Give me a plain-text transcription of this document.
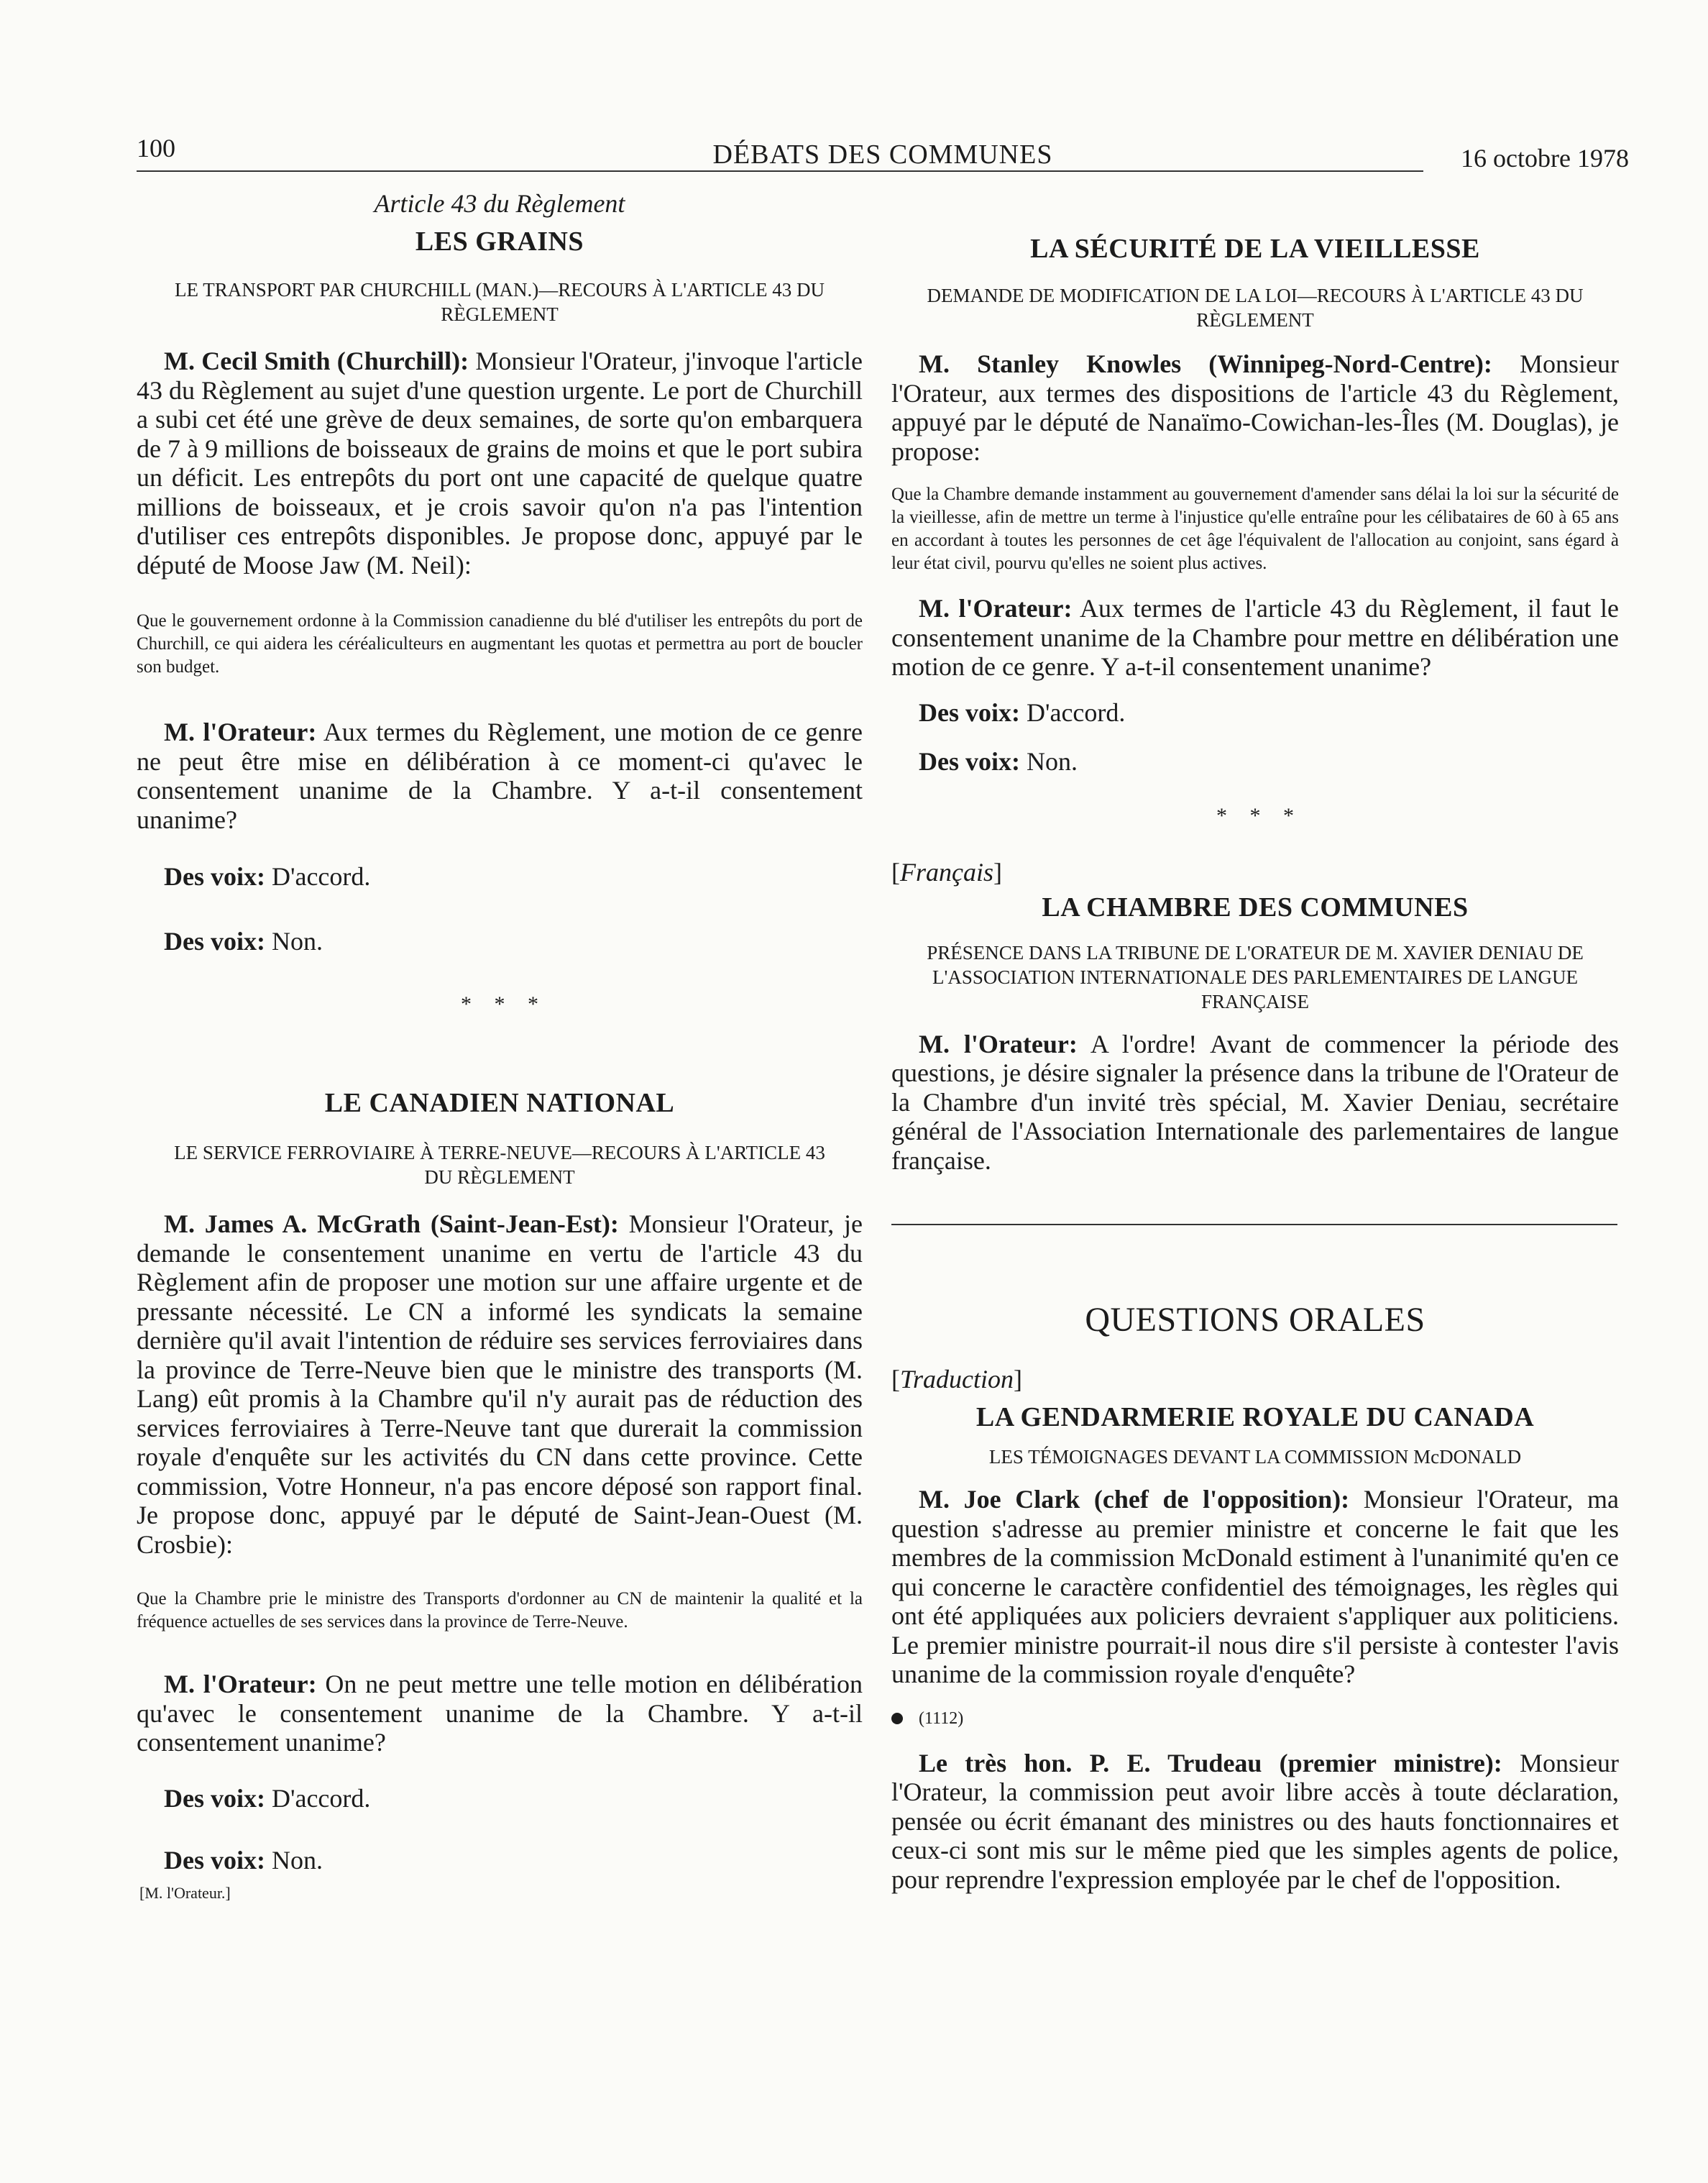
100	DÉBATS DES COMMUNES	16 octobre 1978
Article 43 du Règlement
LES GRAINS
LE TRANSPORT PAR CHURCHILL (MAN.)—RECOURS À L'ARTICLE 43 DU RÈGLEMENT

M. Cecil Smith (Churchill): Monsieur l'Orateur, j'invoque l'article 43 du Règlement au sujet d'une question urgente. Le port de Churchill a subi cet été une grève de deux semaines, de sorte qu'on embarquera de 7 à 9 millions de boisseaux de grains de moins et que le port subira un déficit. Les entrepôts du port ont une capacité de quelque quatre millions de boisseaux, et je crois savoir qu'on n'a pas l'intention d'utiliser ces entrepôts disponibles. Je propose donc, appuyé par le député de Moose Jaw (M. Neil):

Que le gouvernement ordonne à la Commission canadienne du blé d'utiliser les entrepôts du port de Churchill, ce qui aidera les céréaliculteurs en augmentant les quotas et permettra au port de boucler son budget.

M. l'Orateur: Aux termes du Règlement, une motion de ce genre ne peut être mise en délibération à ce moment-ci qu'avec le consentement unanime de la Chambre. Y a-t-il consentement unanime?

Des voix: D'accord.

Des voix: Non.

* * *
LE CANADIEN NATIONAL
LE SERVICE FERROVIAIRE À TERRE-NEUVE—RECOURS À L'ARTICLE 43 DU RÈGLEMENT

M. James A. McGrath (Saint-Jean-Est): Monsieur l'Orateur, je demande le consentement unanime en vertu de l'article 43 du Règlement afin de proposer une motion sur une affaire urgente et de pressante nécessité. Le CN a informé les syndicats la semaine dernière qu'il avait l'intention de réduire ses services ferroviaires dans la province de Terre-Neuve bien que le ministre des transports (M. Lang) eût promis à la Chambre qu'il n'y aurait pas de réduction des services ferroviaires à Terre-Neuve tant que durerait la commission royale d'enquête sur les activités du CN dans cette province. Cette commission, Votre Honneur, n'a pas encore déposé son rapport final. Je propose donc, appuyé par le député de Saint-Jean-Ouest (M. Crosbie):

Que la Chambre prie le ministre des Transports d'ordonner au CN de maintenir la qualité et la fréquence actuelles de ses services dans la province de Terre-Neuve.

M. l'Orateur: On ne peut mettre une telle motion en délibération qu'avec le consentement unanime de la Chambre. Y a-t-il consentement unanime?

Des voix: D'accord.

Des voix: Non.

[M. l'Orateur.]

LA SÉCURITÉ DE LA VIEILLESSE
DEMANDE DE MODIFICATION DE LA LOI—RECOURS À L'ARTICLE 43 DU RÈGLEMENT

M. Stanley Knowles (Winnipeg-Nord-Centre): Monsieur l'Orateur, aux termes des dispositions de l'article 43 du Règlement, appuyé par le député de Nanaïmo-Cowichan-les-Îles (M. Douglas), je propose:

Que la Chambre demande instamment au gouvernement d'amender sans délai la loi sur la sécurité de la vieillesse, afin de mettre un terme à l'injustice qu'elle entraîne pour les célibataires de 60 à 65 ans en accordant à toutes les personnes de cet âge l'équivalent de l'allocation au conjoint, sans égard à leur état civil, pourvu qu'elles ne soient plus actives.

M. l'Orateur: Aux termes de l'article 43 du Règlement, il faut le consentement unanime de la Chambre pour mettre en délibération une motion de ce genre. Y a-t-il consentement unanime?

Des voix: D'accord.

Des voix: Non.

* * *

[Français]

LA CHAMBRE DES COMMUNES
PRÉSENCE DANS LA TRIBUNE DE L'ORATEUR DE M. XAVIER DENIAU DE L'ASSOCIATION INTERNATIONALE DES PARLEMENTAIRES DE LANGUE FRANÇAISE

M. l'Orateur: A l'ordre! Avant de commencer la période des questions, je désire signaler la présence dans la tribune de l'Orateur de la Chambre d'un invité très spécial, M. Xavier Deniau, secrétaire général de l'Association Internationale des parlementaires de langue française.

QUESTIONS ORALES

[Traduction]

LA GENDARMERIE ROYALE DU CANADA
LES TÉMOIGNAGES DEVANT LA COMMISSION McDONALD

M. Joe Clark (chef de l'opposition): Monsieur l'Orateur, ma question s'adresse au premier ministre et concerne le fait que les membres de la commission McDonald estiment à l'unanimité qu'en ce qui concerne le caractère confidentiel des témoignages, les règles qui ont été appliquées aux policiers devraient s'appliquer aux politiciens. Le premier ministre pourrait-il nous dire s'il persiste à contester l'avis unanime de la commission royale d'enquête?

(1112)

Le très hon. P. E. Trudeau (premier ministre): Monsieur l'Orateur, la commission peut avoir libre accès à toute déclaration, pensée ou écrit émanant des ministres ou des hauts fonctionnaires et ceux-ci sont mis sur le même pied que les simples agents de police, pour reprendre l'expression employée par le chef de l'opposition.
